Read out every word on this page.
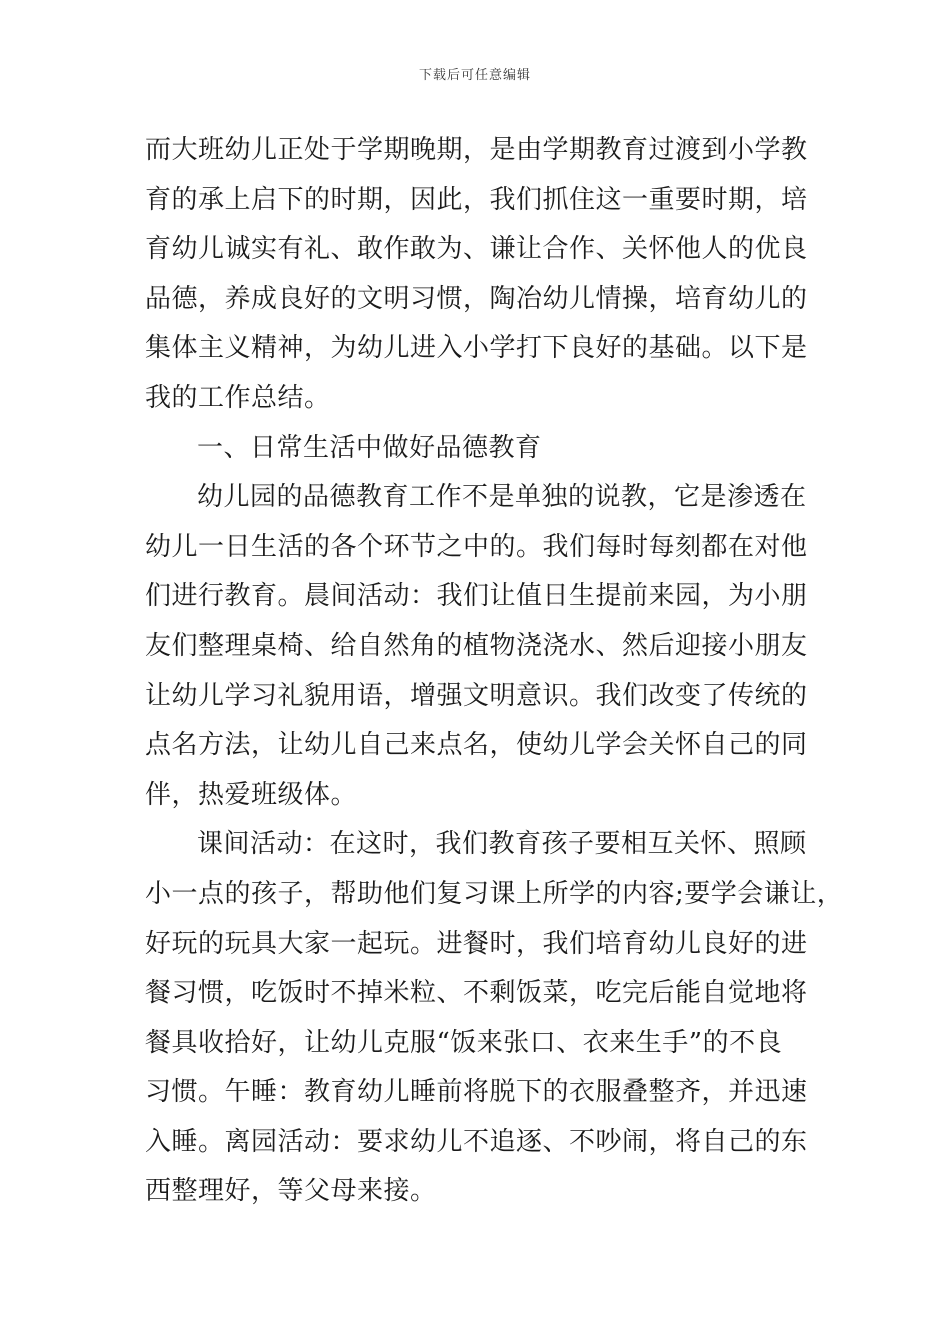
下载后可任意编辑
而大班幼儿正处于学期晚期，是由学期教育过渡到小学教
育的承上启下的时期，因此，我们抓住这一重要时期，培
育幼儿诚实有礼、敢作敢为、谦让合作、关怀他人的优良
品德，养成良好的文明习惯，陶冶幼儿情操，培育幼儿的
集体主义精神，为幼儿进入小学打下良好的基础。以下是
我的工作总结。
一、日常生活中做好品德教育
幼儿园的品德教育工作不是单独的说教，它是渗透在
幼儿一日生活的各个环节之中的。我们每时每刻都在对他
们进行教育。晨间活动：我们让值日生提前来园，为小朋
友们整理桌椅、给自然角的植物浇浇水、然后迎接小朋友
让幼儿学习礼貌用语，增强文明意识。我们改变了传统的
点名方法，让幼儿自己来点名，使幼儿学会关怀自己的同
伴，热爱班级体。
课间活动：在这时，我们教育孩子要相互关怀、照顾
小一点的孩子，帮助他们复习课上所学的内容;要学会谦让，
好玩的玩具大家一起玩。进餐时，我们培育幼儿良好的进
餐习惯，吃饭时不掉米粒、不剩饭菜，吃完后能自觉地将
餐具收拾好，让幼儿克服“饭来张口、衣来生手”的不良
习惯。午睡：教育幼儿睡前将脱下的衣服叠整齐，并迅速
入睡。离园活动：要求幼儿不追逐、不吵闹，将自己的东
西整理好，等父母来接。
